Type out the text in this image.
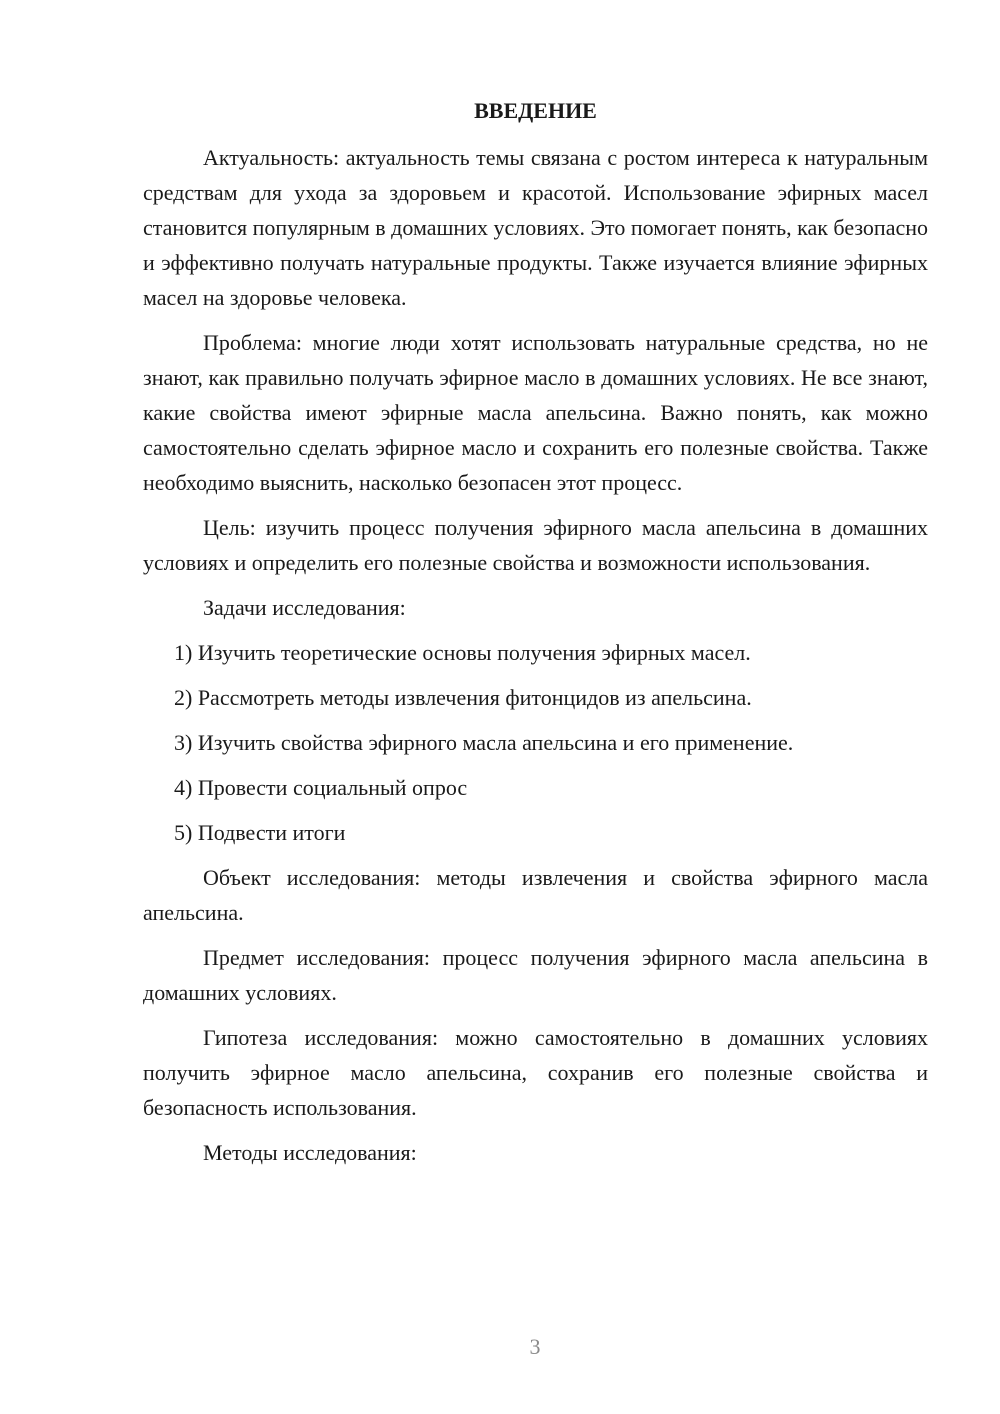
ВВЕДЕНИЕ

Актуальность: актуальность темы связана с ростом интереса к натуральным средствам для ухода за здоровьем и красотой. Использование эфирных масел становится популярным в домашних условиях. Это помогает понять, как безопасно и эффективно получать натуральные продукты. Также изучается влияние эфирных масел на здоровье человека.

Проблема: многие люди хотят использовать натуральные средства, но не знают, как правильно получать эфирное масло в домашних условиях. Не все знают, какие свойства имеют эфирные масла апельсина. Важно понять, как можно самостоятельно сделать эфирное масло и сохранить его полезные свойства. Также необходимо выяснить, насколько безопасен этот процесс.

Цель: изучить процесс получения эфирного масла апельсина в домашних условиях и определить его полезные свойства и возможности использования.

Задачи исследования:

1) Изучить теоретические основы получения эфирных масел.

2) Рассмотреть методы извлечения фитонцидов из апельсина.

3) Изучить свойства эфирного масла апельсина и его применение.

4) Провести социальный опрос

5) Подвести итоги

Объект исследования: методы извлечения и свойства эфирного масла апельсина.

Предмет исследования: процесс получения эфирного масла апельсина в домашних условиях.

Гипотеза исследования: можно самостоятельно в домашних условиях получить эфирное масло апельсина, сохранив его полезные свойства и безопасность использования.

Методы исследования:

3
